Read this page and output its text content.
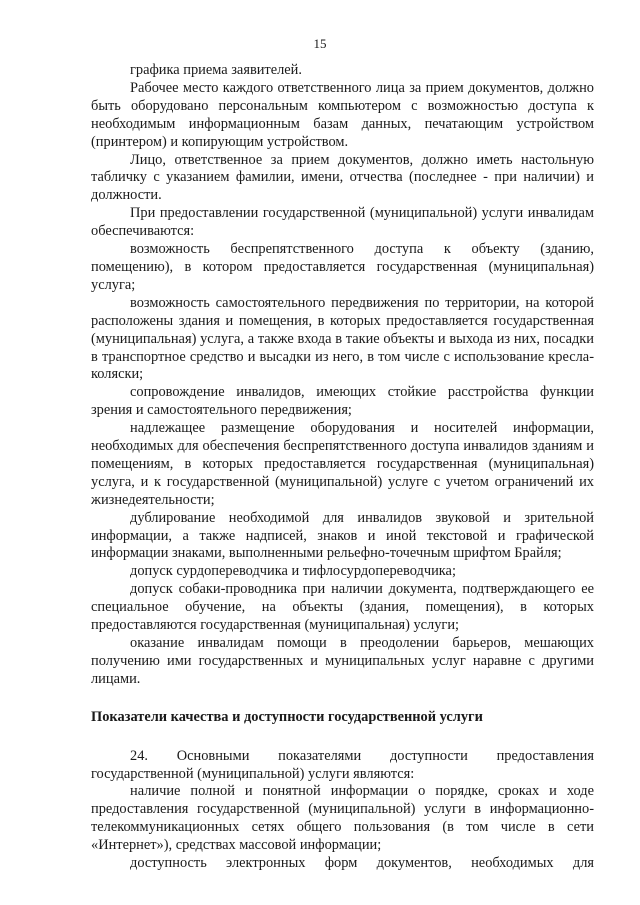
15

графика приема заявителей.

Рабочее место каждого ответственного лица за прием документов, должно быть оборудовано персональным компьютером с возможностью доступа к необходимым информационным базам данных, печатающим устройством (принтером) и копирующим устройством.

Лицо, ответственное за прием документов, должно иметь настольную табличку с указанием фамилии, имени, отчества (последнее - при наличии) и должности.

При предоставлении государственной (муниципальной) услуги инвалидам обеспечиваются:

возможность беспрепятственного доступа к объекту (зданию, помещению), в котором предоставляется государственная (муниципальная) услуга;

возможность самостоятельного передвижения по территории, на которой расположены здания и помещения, в которых предоставляется государственная (муниципальная) услуга, а также входа в такие объекты и выхода из них, посадки в транспортное средство и высадки из него, в том числе с использование кресла-коляски;

сопровождение инвалидов, имеющих стойкие расстройства функции зрения и самостоятельного передвижения;

надлежащее размещение оборудования и носителей информации, необходимых для обеспечения беспрепятственного доступа инвалидов зданиям и помещениям, в которых предоставляется государственная (муниципальная) услуга, и к государственной (муниципальной) услуге с учетом ограничений их жизнедеятельности;

дублирование необходимой для инвалидов звуковой и зрительной информации, а также надписей, знаков и иной текстовой и графической информации знаками, выполненными рельефно-точечным шрифтом Брайля;

допуск сурдопереводчика и тифлосурдопереводчика;

допуск собаки-проводника при наличии документа, подтверждающего ее специальное обучение, на объекты (здания, помещения), в которых предоставляются государственная (муниципальная) услуги;

оказание инвалидам помощи в преодолении барьеров, мешающих получению ими государственных и муниципальных услуг наравне с другими лицами.

Показатели качества и доступности государственной услуги

24. Основными показателями доступности предоставления государственной (муниципальной) услуги являются:

наличие полной и понятной информации о порядке, сроках и ходе предоставления государственной (муниципальной) услуги в информационно-телекоммуникационных сетях общего пользования (в том числе в сети «Интернет»), средствах массовой информации;

доступность электронных форм документов, необходимых для
